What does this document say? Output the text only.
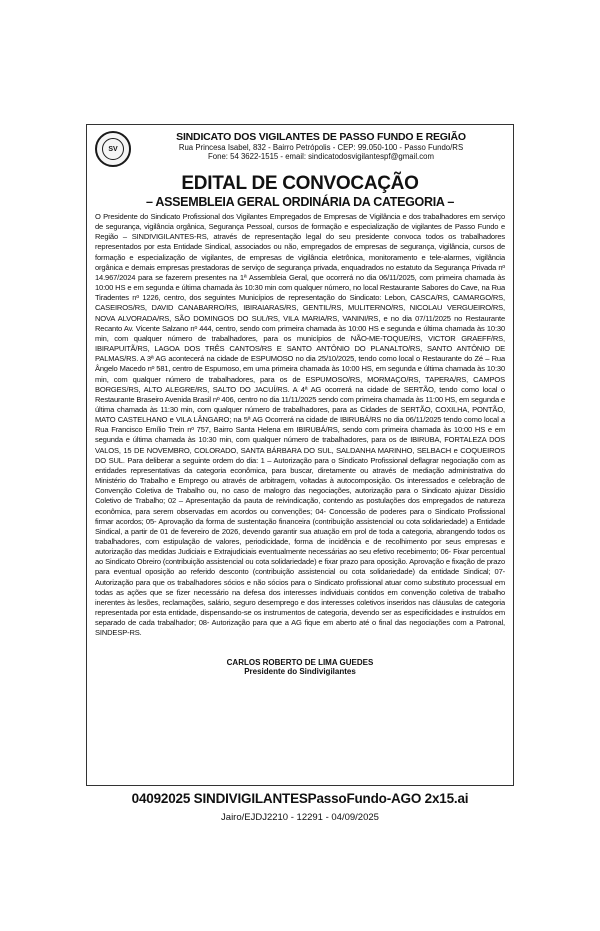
SV
SINDICATO DOS VIGILANTES DE PASSO FUNDO E REGIÃO
Rua Princesa Isabel, 832 - Bairro Petrópolis - CEP: 99.050-100 - Passo Fundo/RS
Fone: 54 3622-1515 - email: sindicatodosvigilantespf@gmail.com
EDITAL DE CONVOCAÇÃO
– ASSEMBLEIA GERAL ORDINÁRIA DA CATEGORIA –

O Presidente do Sindicato Profissional dos Vigilantes Empregados de Empresas de Vigilância e dos trabalhadores em serviço de segurança, vigilância orgânica, Segurança Pessoal, cursos de formação e especialização de vigilantes de Passo Fundo e Região – SINDIVIGILANTES-RS, através de representação legal do seu presidente convoca todos os trabalhadores representados por esta Entidade Sindical, associados ou não, empregados de empresas de segurança, vigilância, cursos de formação e especialização de vigilantes, de empresas de vigilância eletrônica, monitoramento e tele-alarmes, vigilância orgânica e demais empresas prestadoras de serviço de segurança privada, enquadrados no estatuto da Segurança Privada nº 14.967/2024 para se fazerem presentes na 1ª Assembleia Geral, que ocorrerá no dia 06/11/2025, com primeira chamada às 10:00 HS e em segunda e última chamada às 10:30 min com qualquer número, no local Restaurante Sabores do Cave, na Rua Tiradentes nº 1226, centro, dos seguintes Municípios de representação do Sindicato: Lebon, CASCA/RS, CAMARGO/RS, CASEIROS/RS, DAVID CANABARRO/RS, IBIRAIARAS/RS, GENTIL/RS, MULITERNO/RS, NICOLAU VERGUEIRO/RS, NOVA ALVORADA/RS, SÃO DOMINGOS DO SUL/RS, VILA MARIA/RS, VANINI/RS, e no dia 07/11/2025 no Restaurante Recanto Av. Vicente Salzano nº 444, centro, sendo com primeira chamada às 10:00 HS e segunda e última chamada às 10:30 min, com qualquer número de trabalhadores, para os municípios de NÃO-ME-TOQUE/RS, VICTOR GRAEFF/RS, IBIRAPUITÃ/RS, LAGOA DOS TRÊS CANTOS/RS E SANTO ANTÔNIO DO PLANALTO/RS, SANTO ANTÔNIO DE PALMAS/RS. A 3ª AG acontecerá na cidade de ESPUMOSO no dia 25/10/2025, tendo como local o Restaurante do Zé – Rua Ângelo Macedo nº 581, centro de Espumoso, em uma primeira chamada às 10:00 HS, em segunda e última chamada às 10:30 min, com qualquer número de trabalhadores, para os de ESPUMOSO/RS, MORMAÇO/RS, TAPERA/RS, CAMPOS BORGES/RS, ALTO ALEGRE/RS, SALTO DO JACUÍ/RS. A 4ª AG ocorrerá na cidade de SERTÃO, tendo como local o Restaurante Braseiro Avenida Brasil nº 406, centro no dia 11/11/2025 sendo com primeira chamada às 11:00 HS, em segunda e última chamada às 11:30 min, com qualquer número de trabalhadores, para as Cidades de SERTÃO, COXILHA, PONTÃO, MATO CASTELHANO e VILA LÂNGARO; na 5ª AG Ocorrerá na cidade de IBIRUBÁ/RS no dia 06/11/2025 tendo como local a Rua Francisco Emílio Trein nº 757, Bairro Santa Helena em IBIRUBÁ/RS, sendo com primeira chamada às 10:00 HS e em segunda e última chamada às 10:30 min, com qualquer número de trabalhadores, para os de IBIRUBA, FORTALEZA DOS VALOS, 15 DE NOVEMBRO, COLORADO, SANTA BÁRBARA DO SUL, SALDANHA MARINHO, SELBACH e COQUEIROS DO SUL. Para deliberar a seguinte ordem do dia: 1 – Autorização para o Sindicato Profissional deflagrar negociação com as entidades representativas da categoria econômica, para buscar, diretamente ou através de mediação administrativa do Ministério do Trabalho e Emprego ou através de arbitragem, voltadas à autocomposição. Os interessados e celebração de Convenção Coletiva de Trabalho ou, no caso de malogro das negociações, autorização para o Sindicato ajuizar Dissídio Coletivo de Trabalho; 02 – Apresentação da pauta de reivindicação, contendo as postulações dos empregados de natureza econômica, para serem observadas em acordos ou convenções; 04- Concessão de poderes para o Sindicato Profissional firmar acordos; 05- Aprovação da forma de sustentação financeira (contribuição assistencial ou cota solidariedade) a Entidade Sindical, a partir de 01 de fevereiro de 2026, devendo garantir sua atuação em prol de toda a categoria, abrangendo todos os trabalhadores, com estipulação de valores, periodicidade, forma de incidência e de recolhimento por seus empresas e autorização das medidas Judiciais e Extrajudiciais eventualmente necessárias ao seu efetivo recebimento; 06- Fixar percentual ao Sindicato Obreiro (contribuição assistencial ou cota solidariedade) e fixar prazo para oposição. Aprovação e fixação de prazo para eventual oposição ao referido desconto (contribuição assistencial ou cota solidariedade) da entidade Sindical; 07- Autorização para que os trabalhadores sócios e não sócios para o Sindicato profissional atuar como substituto processual em todas as ações que se fizer necessário na defesa dos interesses individuais contidos em convenção coletiva de trabalho inerentes às lesões, reclamações, salário, seguro desemprego e dos interesses coletivos inseridos nas cláusulas de categoria representada por esta entidade, dispensando-se os instrumentos de categoria, devendo ser as especificidades e instruídos em separado de cada trabalhador; 08- Autorização para que a AG fique em aberto até o final das negociações com a Patronal, SINDESP-RS.

CARLOS ROBERTO DE LIMA GUEDES
Presidente do Sindivigilantes
04092025 SINDIVIGILANTESPassoFundo-AGO 2x15.ai
Jairo/EJDJ2210 - 12291 - 04/09/2025
